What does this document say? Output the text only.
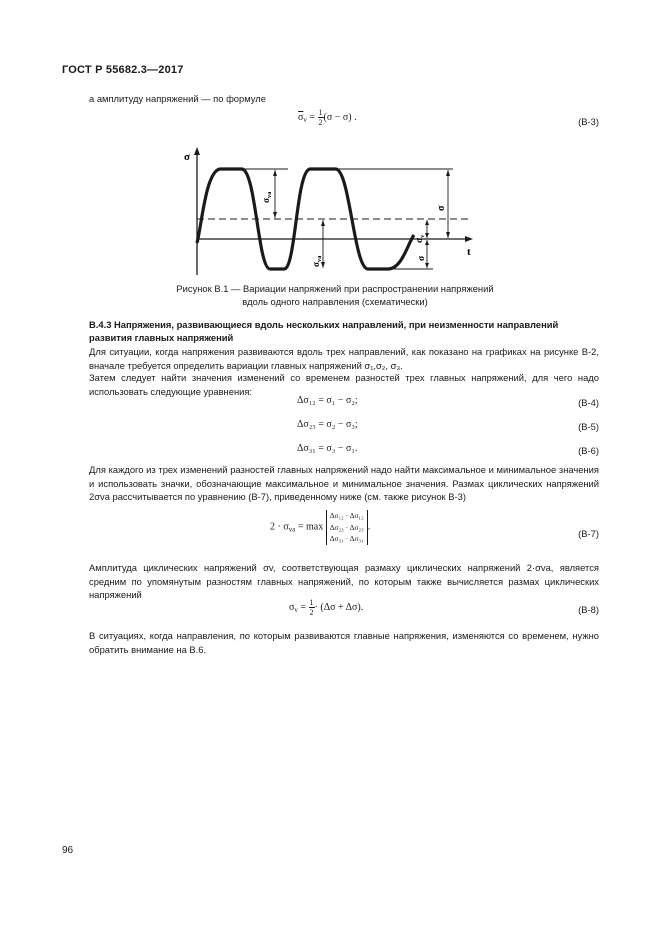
ГОСТ Р 55682.3—2017
а амплитуду напряжений — по формуле
$\overline{\sigma}_v = \frac{1}{2} (\sigma - \sigma)$ .	(В-3)
σ
t
$\sigma_{va}$
$\sigma_{va}$
σ
$\sigma_v$
σ
Рисунок В.1 — Вариации напряжений при распространении напряжений
вдоль одного направления (схематически)
В.4.3 Напряжения, развивающиеся вдоль нескольких направлений, при неизменности направлений развития главных напряжений
Для ситуации, когда напряжения развиваются вдоль трех направлений, как показано на графиках на рисунке В-2, вначале требуется определить вариации главных напряжений σ₁,σ₂, σ₃.
Затем следует найти значения изменений со временем разностей трех главных напряжений, для чего надо использовать следующие уравнения:
Δσ₁₂ = σ₁ − σ₂;	(В-4)
Δσ₂₃ = σ₂ − σ₃;	(В-5)
Δσ₃₁ = σ₃ − σ₁.	(В-6)
Для каждого из трех изменений разностей главных напряжений надо найти максимальное и минимальное значения и использовать значки, обозначающие максимальное и минимальное значения. Размах циклических напряжений 2σva рассчитывается по уравнению (В-7), приведенному ниже (см. также рисунок В-3)
$2 \cdot \sigma_{va} = \max$
Δσ₁₂ · Δσ₁₂
Δσ₂₃ · Δσ₂₃
Δσ₃₁ · Δσ₃₁
.
(В-7)
Амплитуда циклических напряжений σv, соответствующая размаху циклических напряжений 2·σva, является средним по упомянутым разностям главных напряжений, по которым также вычисляется размах циклических напряжений
$\sigma_v = \frac{1}{2} \cdot (\Delta\sigma + \Delta\sigma)$.	(В-8)
В ситуациях, когда направления, по которым развиваются главные напряжения, изменяются со временем, нужно обратить внимание на В.6.
96
